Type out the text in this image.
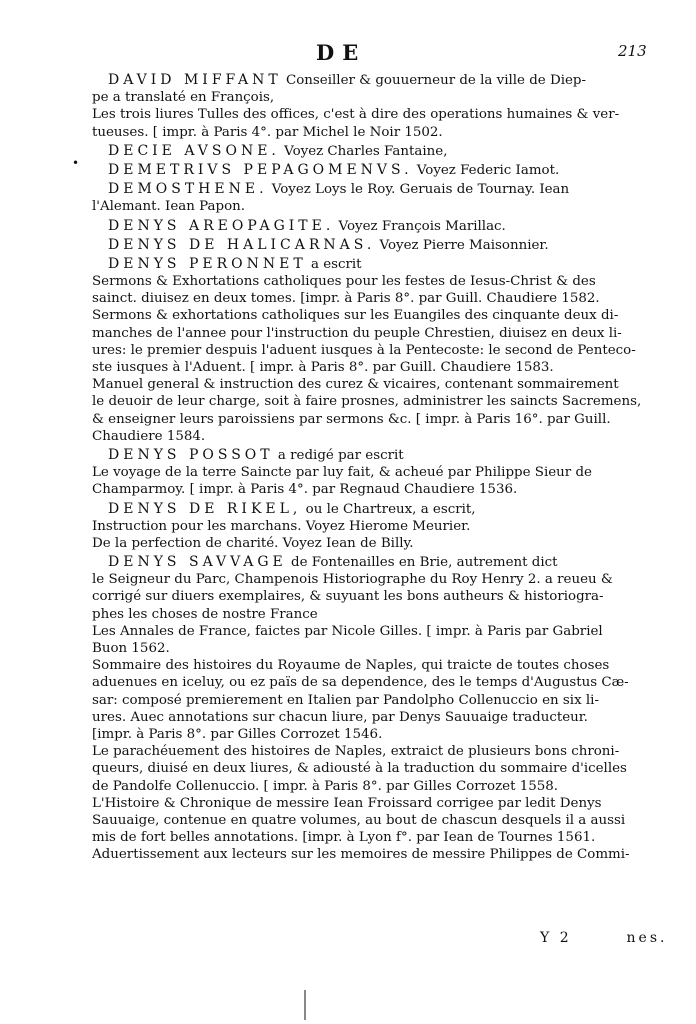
DE	213
•
DAVID MIFFANT Conseiller & gouuerneur de la ville de Diep-
pe a translaté en François,
Les trois liures Tulles des offices, c'est à dire des operations humaines & ver-
tueuses. [ impr. à Paris 4°. par Michel le Noir 1502.
DECIE AVSONE. Voyez Charles Fantaine,
DEMETRIVS PEPAGOMENVS. Voyez Federic Iamot.
DEMOSTHENE. Voyez Loys le Roy. Geruais de Tournay. Iean
l'Alemant. Iean Papon.
DENYS AREOPAGITE. Voyez François Marillac.
DENYS DE HALICARNAS. Voyez Pierre Maisonnier.
DENYS PERONNET a escrit
Sermons & Exhortations catholiques pour les festes de Iesus-Christ & des
sainct. diuisez en deux tomes. [impr. à Paris 8°. par Guill. Chaudiere 1582.
Sermons & exhortations catholiques sur les Euangiles des cinquante deux di-
manches de l'annee pour l'instruction du peuple Chrestien, diuisez en deux li-
ures: le premier despuis l'aduent iusques à la Pentecoste: le second de Penteco-
ste iusques à l'Aduent. [ impr. à Paris 8°. par Guill. Chaudiere 1583.
Manuel general & instruction des curez & vicaires, contenant sommairement
le deuoir de leur charge, soit à faire prosnes, administrer les saincts Sacremens,
& enseigner leurs paroissiens par sermons &c. [ impr. à Paris 16°. par Guill.
Chaudiere 1584.
DENYS POSSOT a redigé par escrit
Le voyage de la terre Saincte par luy fait, & acheué par Philippe Sieur de
Champarmoy. [ impr. à Paris 4°. par Regnaud Chaudiere 1536.
DENYS DE RIKEL, ou le Chartreux, a escrit,
Instruction pour les marchans. Voyez Hierome Meurier.
De la perfection de charité. Voyez Iean de Billy.
DENYS SAVVAGE de Fontenailles en Brie, autrement dict
le Seigneur du Parc, Champenois Historiographe du Roy Henry 2. a reueu &
corrigé sur diuers exemplaires, & suyuant les bons autheurs & historiogra-
phes les choses de nostre France
Les Annales de France, faictes par Nicole Gilles. [ impr. à Paris par Gabriel
Buon 1562.
Sommaire des histoires du Royaume de Naples, qui traicte de toutes choses
aduenues en iceluy, ou ez païs de sa dependence, des le temps d'Augustus Cæ-
sar: composé premierement en Italien par Pandolpho Collenuccio en six li-
ures. Auec annotations sur chacun liure, par Denys Sauuaige traducteur.
[impr. à Paris 8°. par Gilles Corrozet 1546.
Le parachéuement des histoires de Naples, extraict de plusieurs bons chroni-
queurs, diuisé en deux liures, & adiousté à la traduction du sommaire d'icelles
de Pandolfe Collenuccio. [ impr. à Paris 8°. par Gilles Corrozet 1558.
L'Histoire & Chronique de messire Iean Froissard corrigee par ledit Denys
Sauuaige, contenue en quatre volumes, au bout de chascun desquels il a aussi
mis de fort belles annotations. [impr. à Lyon f°. par Iean de Tournes 1561.
Aduertissement aux lecteurs sur les memoires de messire Philippes de Commi-
Y 2	nes.
